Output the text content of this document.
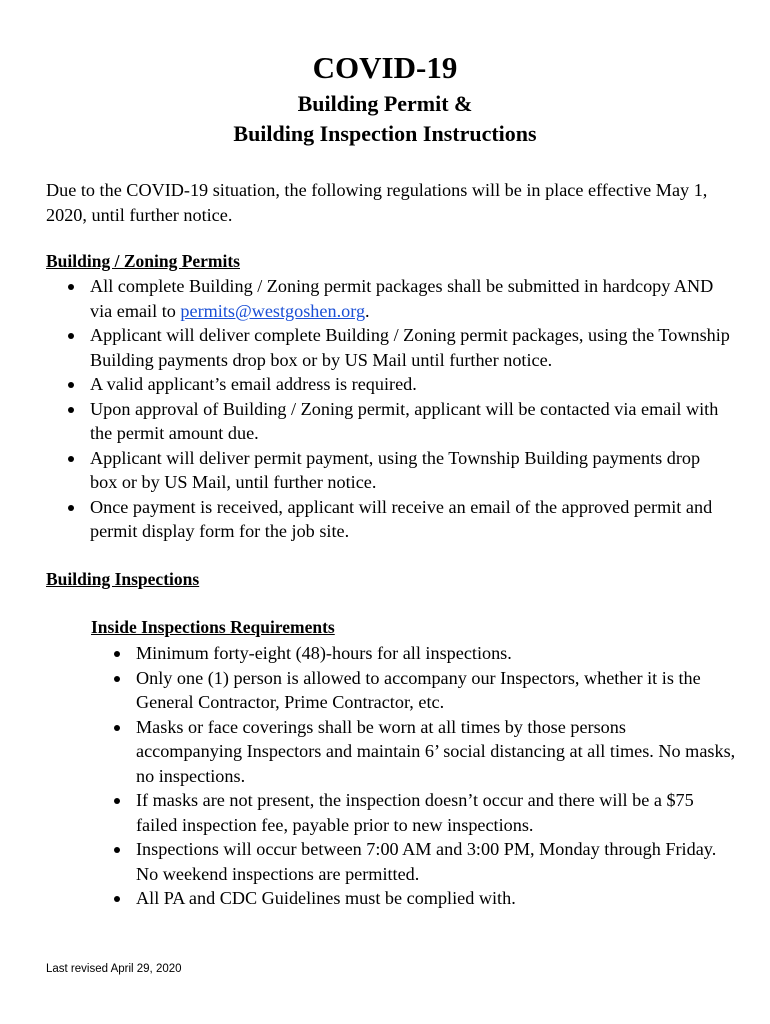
COVID-19
Building Permit &
Building Inspection Instructions

Due to the COVID-19 situation, the following regulations will be in place effective May 1, 2020, until further notice.

Building / Zoning Permits
All complete Building / Zoning permit packages shall be submitted in hardcopy AND via email to permits@westgoshen.org.
Applicant will deliver complete Building / Zoning permit packages, using the Township Building payments drop box or by US Mail until further notice.
A valid applicant’s email address is required.
Upon approval of Building / Zoning permit, applicant will be contacted via email with the permit amount due.
Applicant will deliver permit payment, using the Township Building payments drop box or by US Mail, until further notice.
Once payment is received, applicant will receive an email of the approved permit and permit display form for the job site.
Building Inspections
Inside Inspections Requirements
Minimum forty-eight (48)-hours for all inspections.
Only one (1) person is allowed to accompany our Inspectors, whether it is the General Contractor, Prime Contractor, etc.
Masks or face coverings shall be worn at all times by those persons accompanying Inspectors and maintain 6’ social distancing at all times. No masks, no inspections.
If masks are not present, the inspection doesn’t occur and there will be a $75 failed inspection fee, payable prior to new inspections.
Inspections will occur between 7:00 AM and 3:00 PM, Monday through Friday. No weekend inspections are permitted.
All PA and CDC Guidelines must be complied with.

Last revised April 29, 2020
